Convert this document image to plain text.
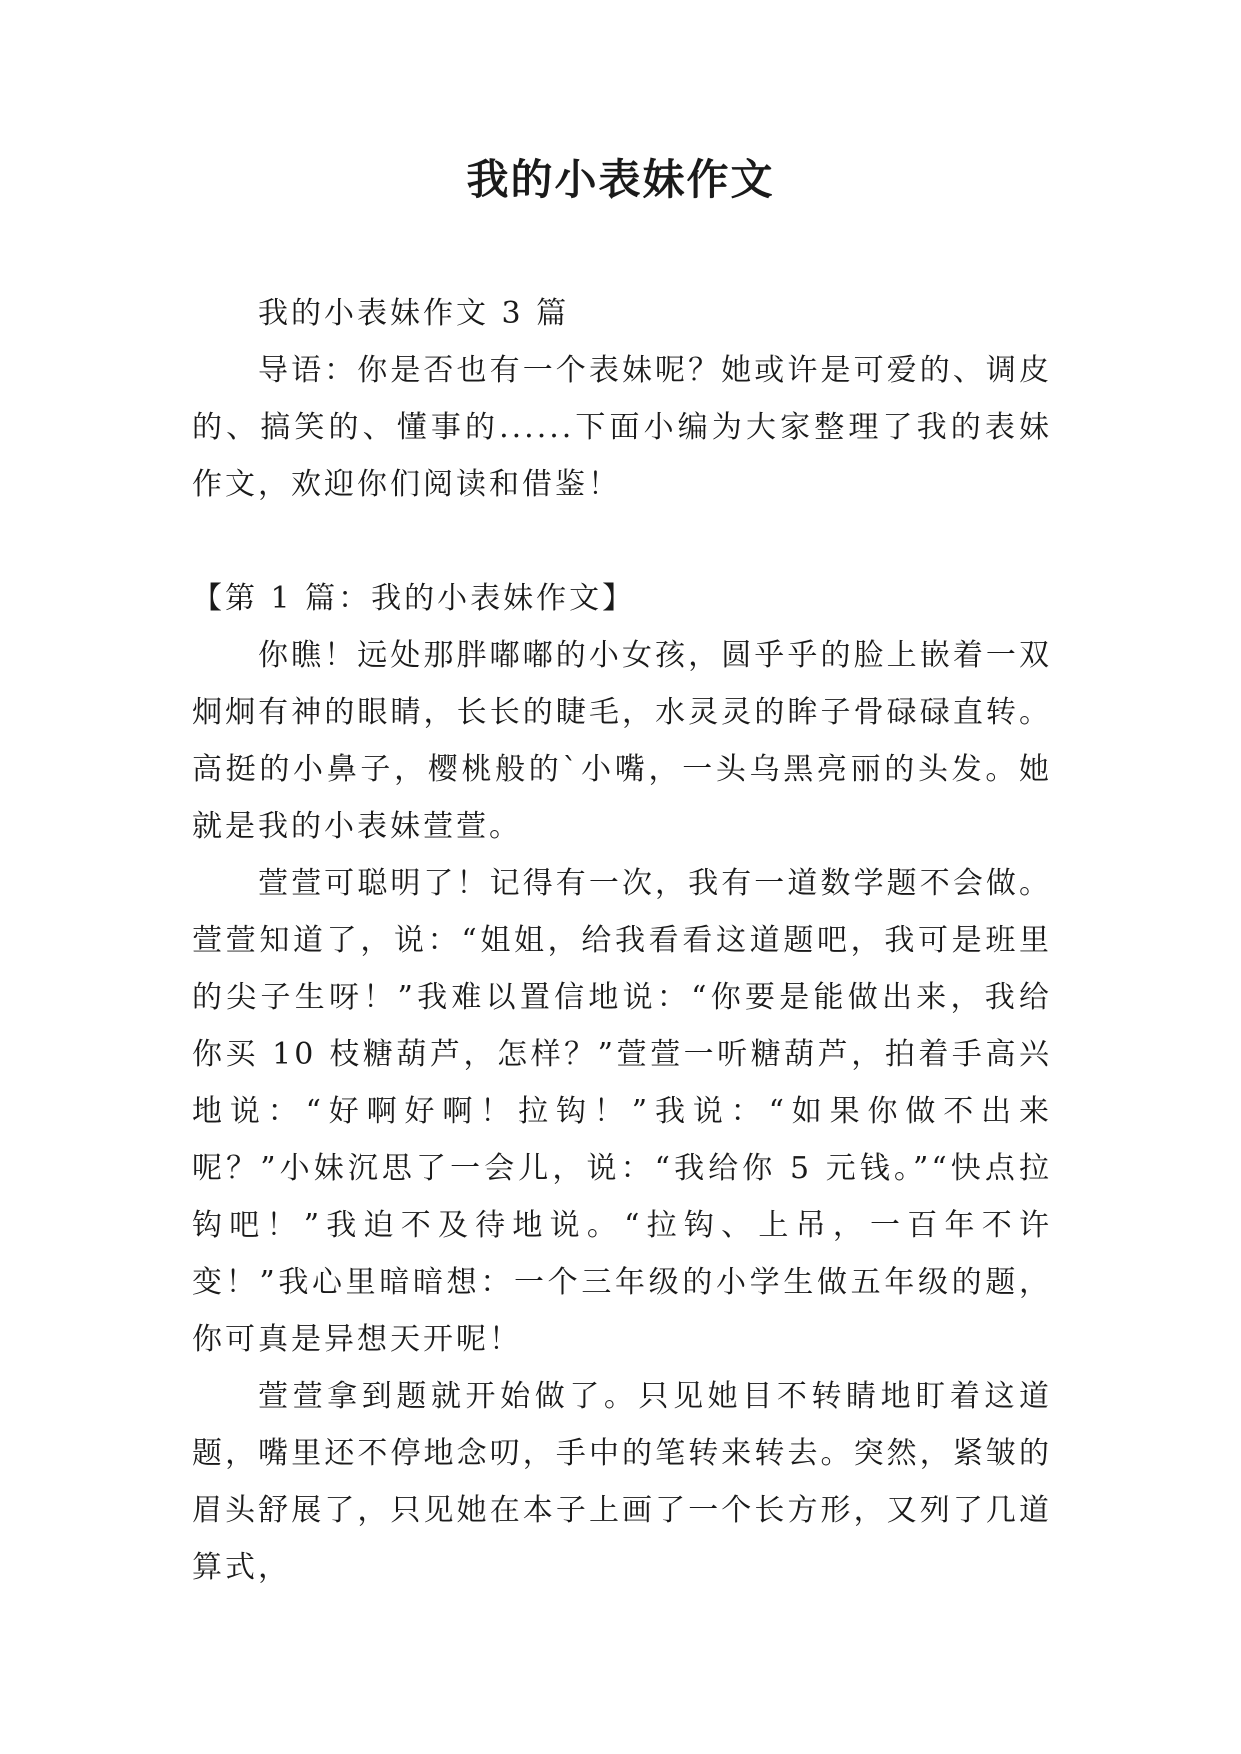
我的小表妹作文

我的小表妹作文 3 篇

导语：你是否也有一个表妹呢？她或许是可爱的、调皮的、搞笑的、懂事的......下面小编为大家整理了我的表妹作文，欢迎你们阅读和借鉴！

【第 1 篇：我的小表妹作文】

你瞧！远处那胖嘟嘟的小女孩，圆乎乎的脸上嵌着一双炯炯有神的眼睛，长长的睫毛，水灵灵的眸子骨碌碌直转。高挺的小鼻子，樱桃般的`小嘴，一头乌黑亮丽的头发。她就是我的小表妹萱萱。

萱萱可聪明了！记得有一次，我有一道数学题不会做。萱萱知道了，说：“姐姐，给我看看这道题吧，我可是班里的尖子生呀！”我难以置信地说：“你要是能做出来，我给你买 10 枝糖葫芦，怎样？”萱萱一听糖葫芦，拍着手高兴地说：“好啊好啊！拉钩！”我说：“如果你做不出来呢？”小妹沉思了一会儿，说：“我给你 5 元钱。”“快点拉钩吧！”我迫不及待地说。“拉钩、上吊，一百年不许变！”我心里暗暗想：一个三年级的小学生做五年级的题，你可真是异想天开呢！

萱萱拿到题就开始做了。只见她目不转睛地盯着这道题，嘴里还不停地念叨，手中的笔转来转去。突然，紧皱的眉头舒展了，只见她在本子上画了一个长方形，又列了几道算式，
